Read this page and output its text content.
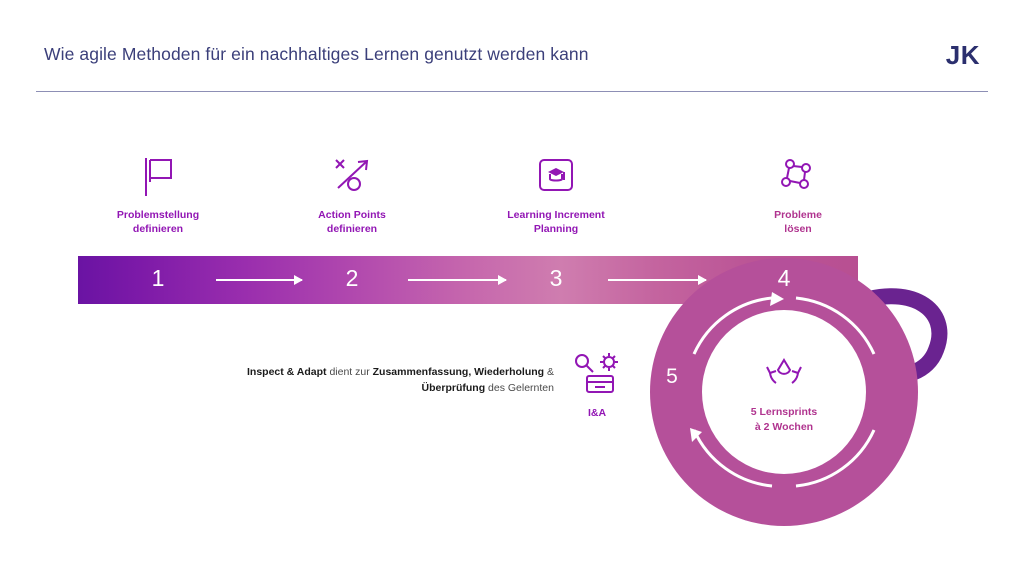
Wie agile Methoden für ein nachhaltiges Lernen genutzt werden kann	JK
Problemstellung
definieren
Action Points
definieren
Learning Increment
Planning
Probleme
lösen
1	2	3
5 Lernsprints
à 2 Wochen
4
5
Inspect & Adapt dient zur Zusammenfassung, Wiederholung & Überprüfung des Gelernten
I&A
